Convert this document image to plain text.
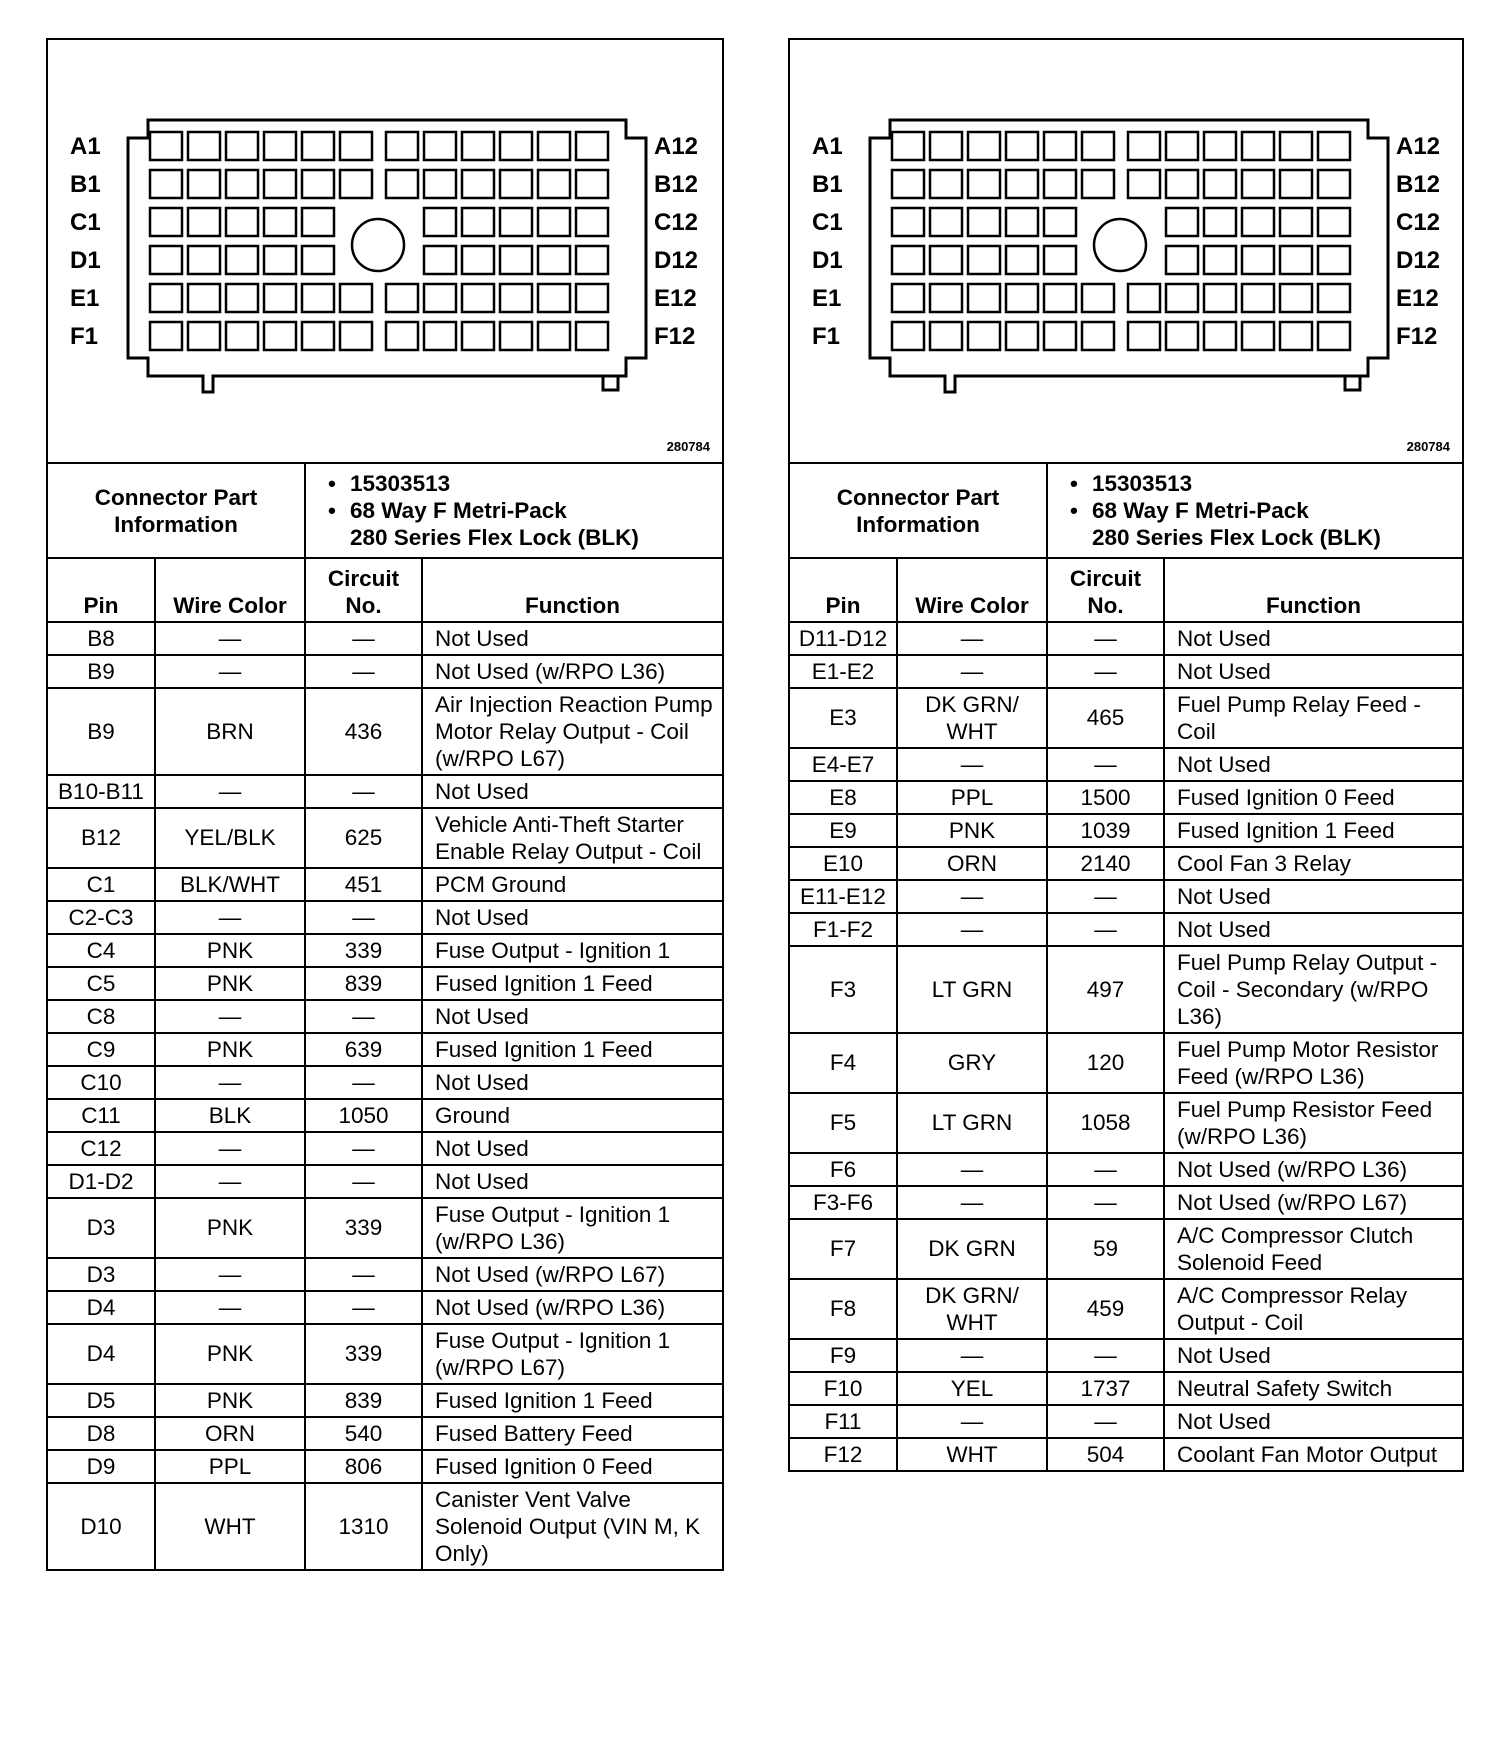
A1
B1
C1
D1
E1
F1
A12
B12
C12
D12
E12
F12
280784
Connector Part Information	
• 15303513
• 68 Way F Metri-Pack
280 Series Flex Lock (BLK)
Pin	Wire Color	Circuit No.	Function
B8	—	—	Not Used
B9	—	—	Not Used (w/RPO L36)
B9	BRN	436	Air Injection Reaction Pump Motor Relay Output - Coil (w/RPO L67)
B10-B11	—	—	Not Used
B12	YEL/BLK	625	Vehicle Anti-Theft Starter Enable Relay Output - Coil
C1	BLK/WHT	451	PCM Ground
C2-C3	—	—	Not Used
C4	PNK	339	Fuse Output - Ignition 1
C5	PNK	839	Fused Ignition 1 Feed
C8	—	—	Not Used
C9	PNK	639	Fused Ignition 1 Feed
C10	—	—	Not Used
C11	BLK	1050	Ground
C12	—	—	Not Used
D1-D2	—	—	Not Used
D3	PNK	339	Fuse Output - Ignition 1 (w/RPO L36)
D3	—	—	Not Used (w/RPO L67)
D4	—	—	Not Used (w/RPO L36)
D4	PNK	339	Fuse Output - Ignition 1 (w/RPO L67)
D5	PNK	839	Fused Ignition 1 Feed
D8	ORN	540	Fused Battery Feed
D9	PPL	806	Fused Ignition 0 Feed
D10	WHT	1310	Canister Vent Valve Solenoid Output (VIN M, K Only)
A1
B1
C1
D1
E1
F1
A12
B12
C12
D12
E12
F12
280784
Connector Part Information	
• 15303513
• 68 Way F Metri-Pack
280 Series Flex Lock (BLK)
Pin	Wire Color	Circuit No.	Function
D11-D12	—	—	Not Used
E1-E2	—	—	Not Used
E3	DK GRN/ WHT	465	Fuel Pump Relay Feed - Coil
E4-E7	—	—	Not Used
E8	PPL	1500	Fused Ignition 0 Feed
E9	PNK	1039	Fused Ignition 1 Feed
E10	ORN	2140	Cool Fan 3 Relay
E11-E12	—	—	Not Used
F1-F2	—	—	Not Used
F3	LT GRN	497	Fuel Pump Relay Output - Coil - Secondary (w/RPO L36)
F4	GRY	120	Fuel Pump Motor Resistor Feed (w/RPO L36)
F5	LT GRN	1058	Fuel Pump Resistor Feed (w/RPO L36)
F6	—	—	Not Used (w/RPO L36)
F3-F6	—	—	Not Used (w/RPO L67)
F7	DK GRN	59	A/C Compressor Clutch Solenoid Feed
F8	DK GRN/ WHT	459	A/C Compressor Relay Output - Coil
F9	—	—	Not Used
F10	YEL	1737	Neutral Safety Switch
F11	—	—	Not Used
F12	WHT	504	Coolant Fan Motor Output
